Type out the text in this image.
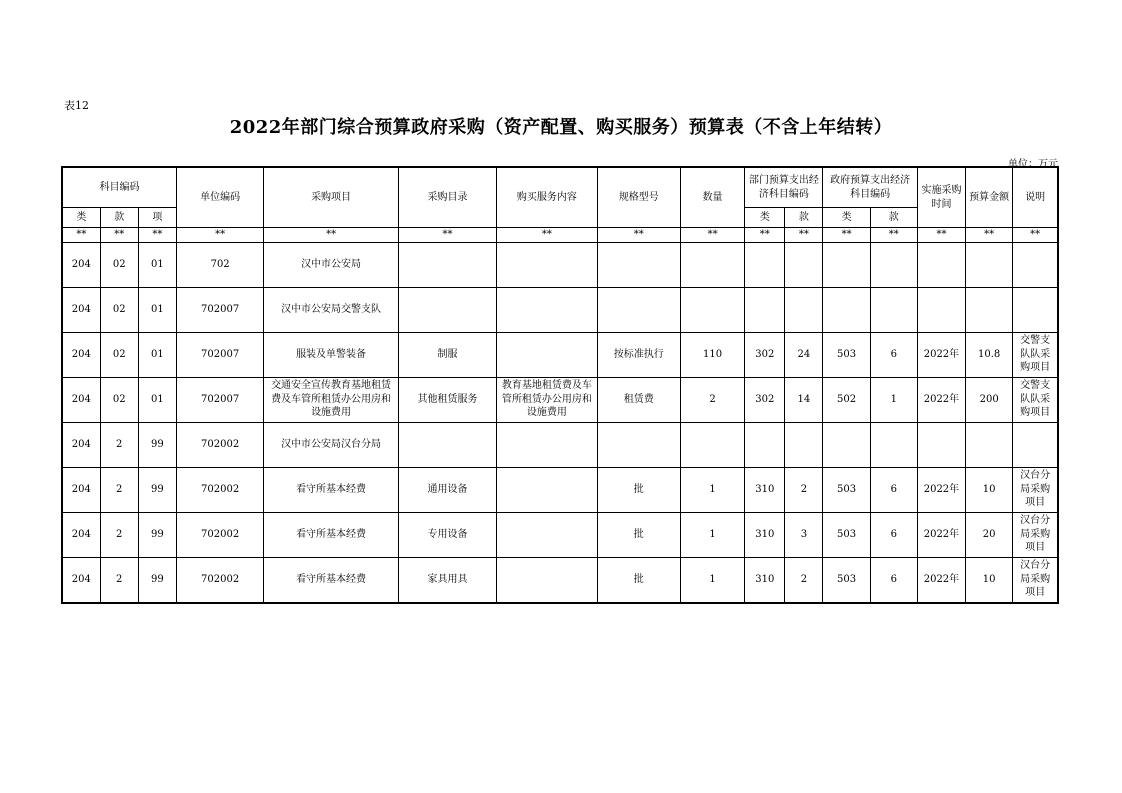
表12
2022年部门综合预算政府采购（资产配置、购买服务）预算表（不含上年结转）
单位：万元
科目编码			单位编码	采购项目	采购目录	购买服务内容	规格型号	数量	部门预算支出经济科目编码		政府预算支出经济科目编码		实施采购时间	预算金额	说明
类	款	项							类	款	类	款			
**	**	**	**	**	**	**	**	**	**	**	**	**	**	**	**
204	02	01	702	汉中市公安局											
204	02	01	702007	汉中市公安局交警支队											
204	02	01	702007	服装及单警装备	制服		按标准执行	110	302	24	503	6	2022年	10.8	交警支队队采购项目
204	02	01	702007	交通安全宣传教育基地租赁费及车管所租赁办公用房和设施费用	其他租赁服务	教育基地租赁费及车管所租赁办公用房和设施费用	租赁费	2	302	14	502	1	2022年	200	交警支队队采购项目
204	2	99	702002	汉中市公安局汉台分局											
204	2	99	702002	看守所基本经费	通用设备		批	1	310	2	503	6	2022年	10	汉台分局采购项目
204	2	99	702002	看守所基本经费	专用设备		批	1	310	3	503	6	2022年	20	汉台分局采购项目
204	2	99	702002	看守所基本经费	家具用具		批	1	310	2	503	6	2022年	10	汉台分局采购项目
